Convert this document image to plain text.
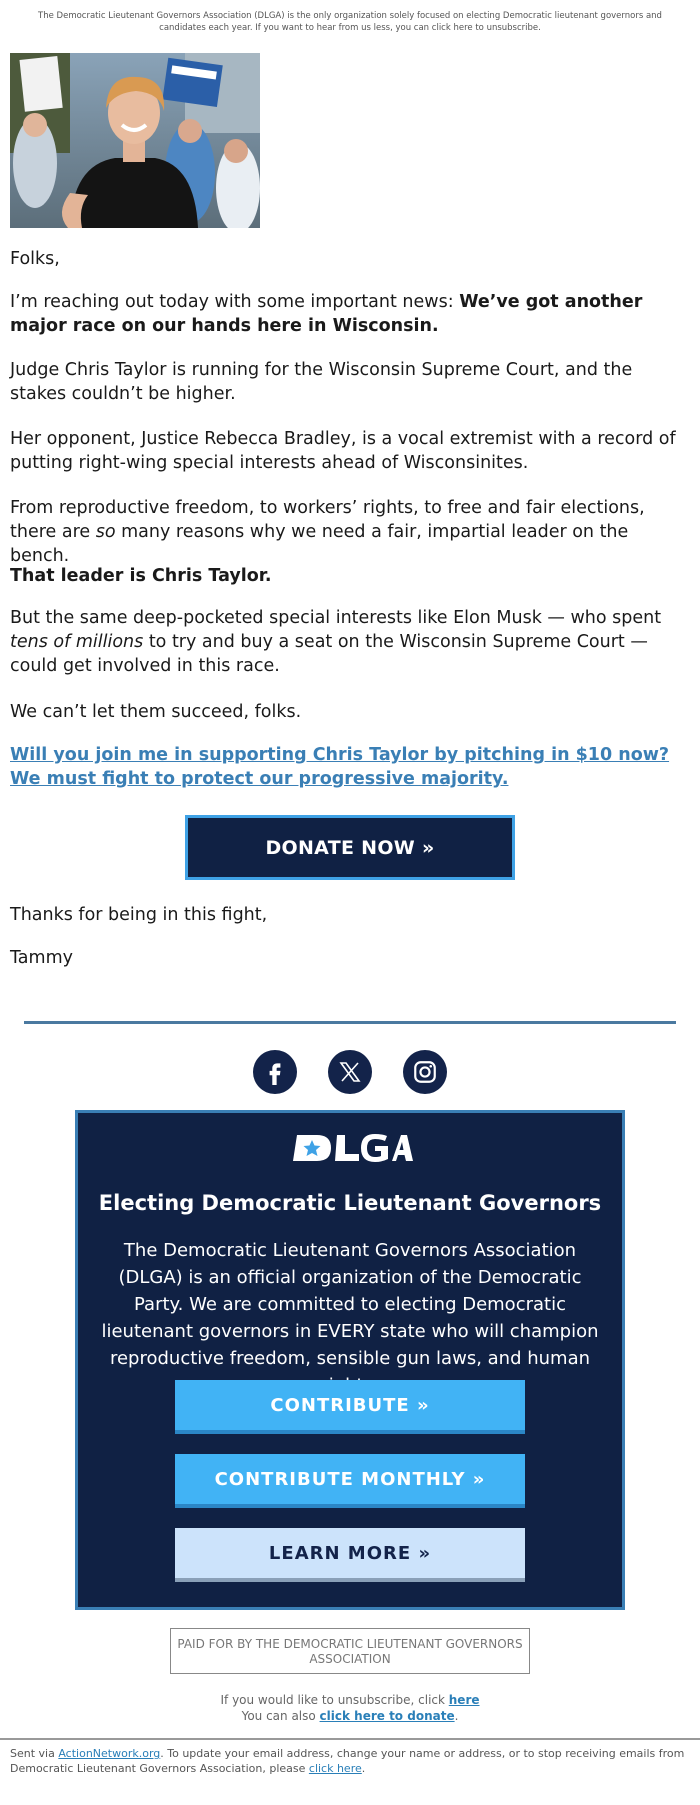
The Democratic Lieutenant Governors Association (DLGA) is the only organization solely focused on electing Democratic lieutenant governors and candidates each year. If you want to hear from us less, you can click here to unsubscribe.
Folks,
I’m reaching out today with some important news: We’ve got another major race on our hands here in Wisconsin.
Judge Chris Taylor is running for the Wisconsin Supreme Court, and the stakes couldn’t be higher.
Her opponent, Justice Rebecca Bradley, is a vocal extremist with a record of putting right-wing special interests ahead of Wisconsinites.
From reproductive freedom, to workers’ rights, to free and fair elections, there are so many reasons why we need a fair, impartial leader on the bench.
That leader is Chris Taylor.
But the same deep-pocketed special interests like Elon Musk — who spent tens of millions to try and buy a seat on the Wisconsin Supreme Court — could get involved in this race.
We can’t let them succeed, folks.
Will you join me in supporting Chris Taylor by pitching in $10 now? We must fight to protect our progressive majority.
DONATE NOW »
Thanks for being in this fight,
Tammy
Electing Democratic Lieutenant Governors
The Democratic Lieutenant Governors Association (DLGA) is an official organization of the Democratic Party. We are committed to electing Democratic lieutenant governors in EVERY state who will champion reproductive freedom, sensible gun laws, and human
CONTRIBUTE »
CONTRIBUTE MONTHLY »
LEARN MORE »
PAID FOR BY THE DEMOCRATIC LIEUTENANT GOVERNORS ASSOCIATION
If you would like to unsubscribe, click here
You can also click here to donate.
Sent via ActionNetwork.org. To update your email address, change your name or address, or to stop receiving emails from Democratic Lieutenant Governors Association, please click here.
